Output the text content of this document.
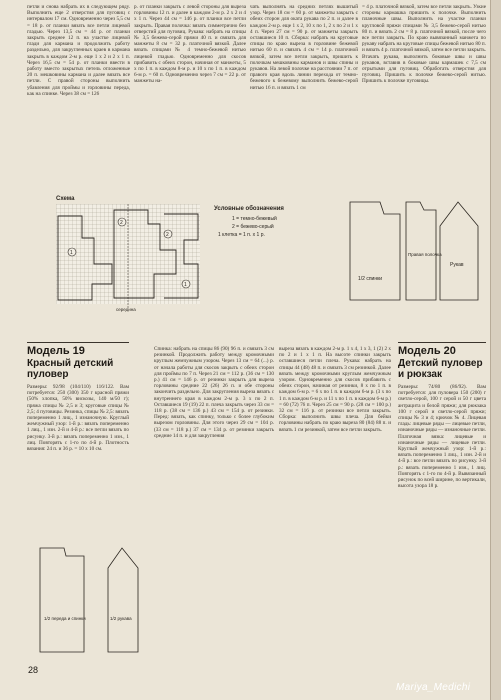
петли и снова набрать их в следующем ряду. Выполнить еще 2 отверстия для пуговиц с интервалом 17 см. Одновременно через 5,5 см = 18 р. от планки вязать все петли лицевой гладью. Через 13,5 см = 44 р. от планки закрыть среднее 12 п. на участке лицевой глади для кармана и продолжить работу раздельно, для закругленных краев в кармана закрыть в каждом 2-м р. еще 1 x 2 и 2 x 1 п. Через 16,5 см = 54 р. от планки ввести в работу вместо закрытых петель отложенные 20 п. мешковины кармана и далее вязать все петли. С правой стороны выполнить убавления для проймы и горловины переда, как на спинке. Через 38 см = 126
р. от планки закрыть с левой стороны для выреза горловины 12 п. и далее в каждом 2-м р. 2 x 2 и 4 x 1 п. Через 44 см = 146 р. от планки все петли закрыть. Правая полочка: вязать симметрично без отверстий для пуговиц. Рукава: набрать на спицы № 3,5 бежево-серой пряжи 40 п. и связать для манжеты 8 см = 32 р. платочной вязкой. Далее вязать спицами № 4 темно-бежевой нитью лицевой гладью. Одновременно для скосов прибавить с обеих сторон, начиная от манжеты, 5 x по 1 п. в каждом 8-м р. и 10 x по 1 п. в каждом 6-м р. = 60 п. Одновременно через 7 см = 22 р. от манжеты на-
чать выполнять на средних петлях вышитый узор. Через 18 см = 60 р. от манжеты закрыть с обеих сторон для оката рукава по 2 п. и далее в каждом 2-м р. еще 1 x 2, 10 x по 1, 2 x по 2 и 1 x 4 п. Через 27 см = 90 р. от манжеты закрыть оставшиеся 10 п. Сборка: набрать на круговые спицы по краю выреза в горловине бежевой нитью 60 п. и связать 4 см = 14 р. платочной вязкой, затем все петли закрыть, пришить к полочкам мешковины карманов и швы спины и рукавов. На левой полочке на расстоянии 7 п. от правого края вдоль линии перехода от темно-бежевого к бежевому выполнить бежево-серой нитью 16 п. и вязать 1 см
= 4 р. платочной вязкой, затем все петли закрыть. Узкие стороны кармашка пришить к полочке. Выполнить планочные швы. Выполнить на участке планки кругловой пряжи спицами № 3,5 бежево-серой нитью 80 п. и вязать 2 см = 8 р. платочной вязкой, после чего все петли закрыть. По краю вывязанный манжета по рукаву набрать на круговые спицы бежевой нитью 80 п. и вязать 4 р. платочной вязкой, затем все петли закрыть. Втачать рукава, выполнить боковые швы и швы рукавов, вставив в боковые швы кармашек с 7,5 см отрытыми для пуговиц. Обработать отверстия для пуговиц. Пришить к полочке бежево-серой нитью. Пришить к полочке пуговицы.
Схема
1
2
2
1
середина
Условные обозначения
1 = темно-бежевый
2 = бежево-серый
1 клетка = 1 п. x 1 р.
1/2 спинки
Правая полочка
Рукав
Модель 19
Красный детский пуловер
Размеры: 92/98 (104/110) 116/122. Вам потребуется: 250 (300) 350 г красной пряжи (50% хлопка, 50% вискозы, 140 м/50 г); пряжа спицы № 2,5 и 3; круговые спицы № 2,5; 4 пуговицы. Резинка, спицы № 2,5: вязать попеременно 1 лиц., 1 изнаночную. Круглый жемчужный узор: 1-й р.: вязать попеременно 1 лиц., 1 изн. 2-й и 4-й р.: все петли вязать по рисунку. 3-й р.: вязать попеременно 1 изн., 1 лиц. Повторять с 1-го по 4-й р. Плотность вязания: 24 п. и 36 р. = 10 x 10 см.
1/2 переда и спинки	1/2 рукава
Спинка: набрать на спицы 86 (90) 96 п. и связать 3 см резинкой. Продолжить работу между кромочными круглым жемчужным узором. Через 13 см = 64 (...) р. от начала работы для скосов закрыть с обеих сторон для проймы по 7 п. Через 21 см = 112 р. (36 см = 130 р.) 41 см = 146 р. от резинки закрыть для выреза горловины средние 22 (26) 26 п. и обе стороны закончить раздельно. Для закругления выреза вязать с внутреннего края в каждом 2-м р. 3 x по 2 п. Оставшиеся 19 (19) 22 п. плеча закрыть через 33 см = 118 р. (38 см = 136 р.) 43 см = 154 р. от резинки. Перед: вязать, как спинку, только с более глубоким вырезом горловины. Для этого через 29 см = 104 р. (33 см = 118 р.) 37 см = 134 р. от резинки закрыть средние 14 п. и для закругления
выреза вязать в каждом 2-м р. 1 x 4, 1 x 3, 1 (2) 2 x по 2 и 1 x 1 п. На высоте спинки закрыть оставшиеся петли плеча. Рукава: набрать на спицы 44 (48) 48 п. и связать 3 см резинкой. Далее вязать между кромочными круглым жемчужным узором. Одновременно для скосов прибавить с обеих сторон, начиная от резинки, 8 x по 1 п. в каждом 6-м р. = 6 x по 1 п. в каждом 6-м р. (3 x по 1 п. в каждом 6-м р. и 11 x по 1 п. в каждом 6-м р.) = 60 (72) 76 п. Через 25 см = 90 р. (28 см = 100 р.) 32 см = 116 р. от резинки все петли закрыть. Сборка: выполнить швы плеча. Для бейки горловины набрать по краю выреза 80 (84) 88 п. и вязать 1 см резинкой, затем все петли закрыть.
Модель 20
Детский пуловер и рюкзак
Размеры: 74/80 (86/92). Вам потребуется: для пуловера 150 (200) г светло-серой, 100 г серой и 50 г цвета антрацита и белой пряжи; для рюкзака 100 г серой и светло-серой пряжи; спицы № 3 и 4; крючок № 4. Лицевая гладь: лицевые ряды — лицевые петли, изнаночные ряды — изнаночные петли. Платочная вязка: лицевые и изнаночные ряды — лицевые петли. Круглый жемчужный узор: 1-й р.: вязать попеременно 1 лиц., 1 изн. 2-й и 4-й р.: все петли вязать по рисунку. 3-й р.: вязать попеременно 1 изн., 1 лиц. Повторять с 1-го по 4-й р. Вывязанный рисунок по всей ширине, по вертикали, высота узора 18 р.
28
Mariya_Medichi
